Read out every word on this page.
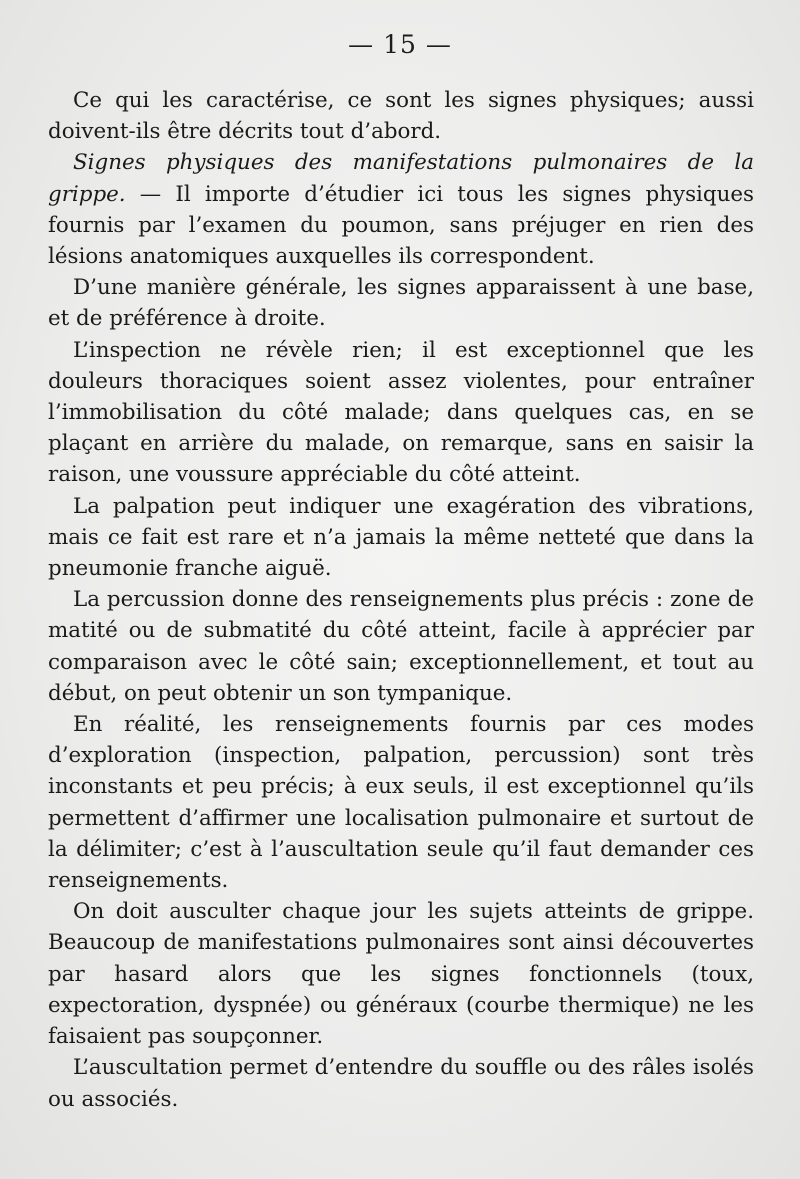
— 15 —

Ce qui les caractérise, ce sont les signes physiques; aussi doivent-ils être décrits tout d’abord.

Signes physiques des manifestations pulmonaires de la grippe. — Il importe d’étudier ici tous les signes physiques fournis par l’examen du poumon, sans préjuger en rien des lésions anatomiques auxquelles ils correspondent.

D’une manière générale, les signes apparaissent à une base, et de préférence à droite.

L’inspection ne révèle rien; il est exceptionnel que les douleurs thoraciques soient assez violentes, pour entraîner l’immobilisation du côté malade; dans quelques cas, en se plaçant en arrière du malade, on remarque, sans en saisir la raison, une voussure appréciable du côté atteint.

La palpation peut indiquer une exagération des vibrations, mais ce fait est rare et n’a jamais la même netteté que dans la pneumonie franche aiguë.

La percussion donne des renseignements plus précis : zone de matité ou de submatité du côté atteint, facile à apprécier par comparaison avec le côté sain; exceptionnellement, et tout au début, on peut obtenir un son tympanique.

En réalité, les renseignements fournis par ces modes d’exploration (inspection, palpation, percussion) sont très inconstants et peu précis; à eux seuls, il est exceptionnel qu’ils permettent d’affirmer une localisation pulmonaire et surtout de la délimiter; c’est à l’auscultation seule qu’il faut demander ces renseignements.

On doit ausculter chaque jour les sujets atteints de grippe. Beaucoup de manifestations pulmonaires sont ainsi découvertes par hasard alors que les signes fonctionnels (toux, expectoration, dyspnée) ou généraux (courbe thermique) ne les faisaient pas soupçonner.

L’auscultation permet d’entendre du souffle ou des râles isolés ou associés.
